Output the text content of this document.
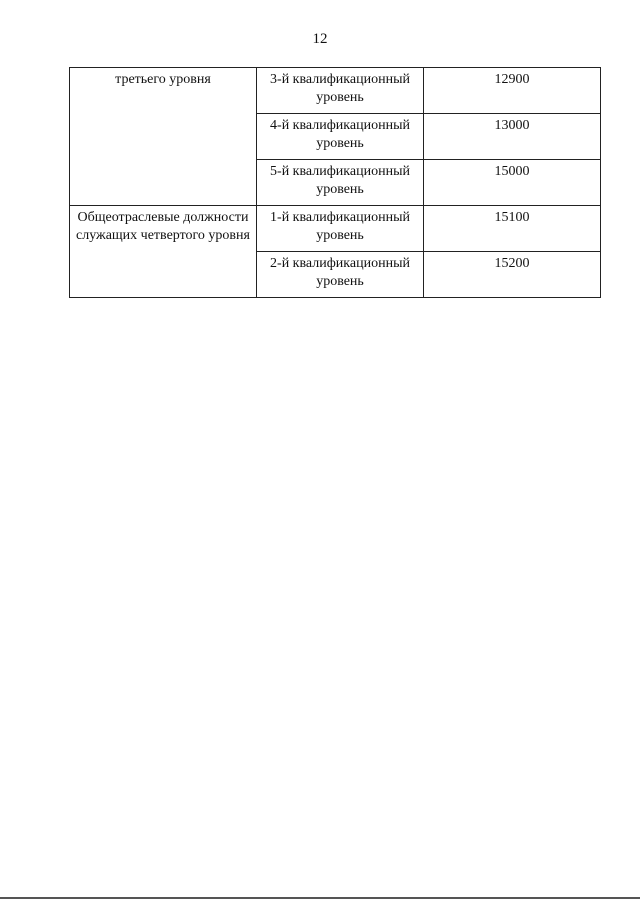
12
третьего уровня	3-й квалификационный уровень	12900
	4-й квалификационный уровень	13000
	5-й квалификационный уровень	15000
Общеотраслевые должности служащих четвертого уровня	1-й квалификационный уровень	15100
	2-й квалификационный уровень	15200
